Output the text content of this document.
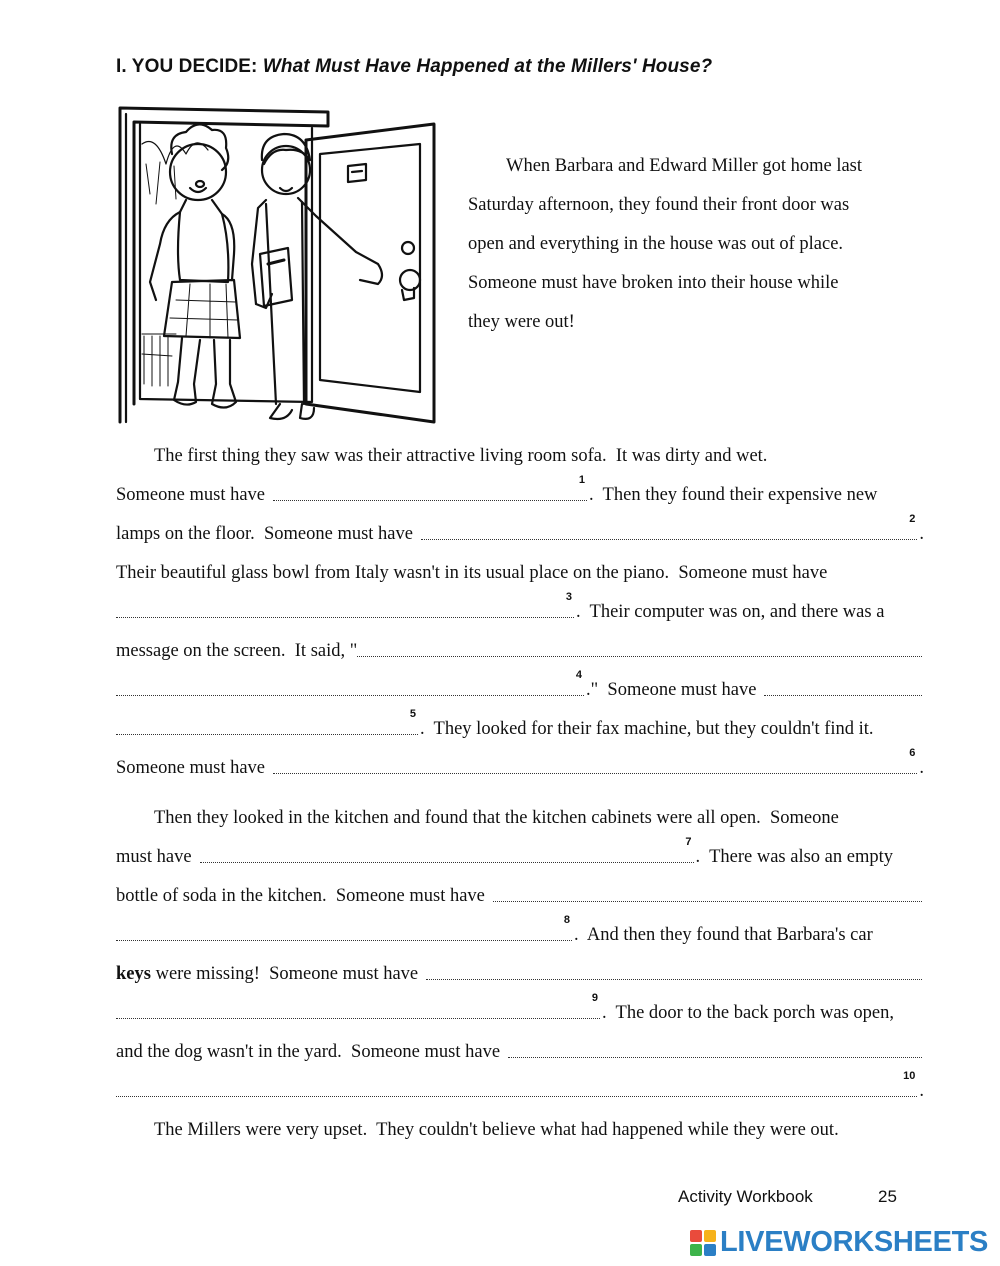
I. YOU DECIDE: What Must Have Happened at the Millers' House?
When Barbara and Edward Miller got home last
Saturday afternoon, they found their front door was
open and everything in the house was out of place.
Someone must have broken into their house while
they were out!
The first thing they saw was their attractive living room sofa.  It was dirty and wet.
Someone must have
1
.  Then they found their expensive new
lamps on the floor.  Someone must have
2
.
Their beautiful glass bowl from Italy wasn't in its usual place on the piano.  Someone must have
3
.  Their computer was on, and there was a
message on the screen.  It said, "
4
."  Someone must have
5
.  They looked for their fax machine, but they couldn't find it.
Someone must have
6
.
Then they looked in the kitchen and found that the kitchen cabinets were all open.  Someone
must have
7
.  There was also an empty
bottle of soda in the kitchen.  Someone must have
8
.  And then they found that Barbara's car
keys were missing!  Someone must have
9
.  The door to the back porch was open,
and the dog wasn't in the yard.  Someone must have
10
.
The Millers were very upset.  They couldn't believe what had happened while they were out.
Activity Workbook	25
LIVEWORKSHEETS
